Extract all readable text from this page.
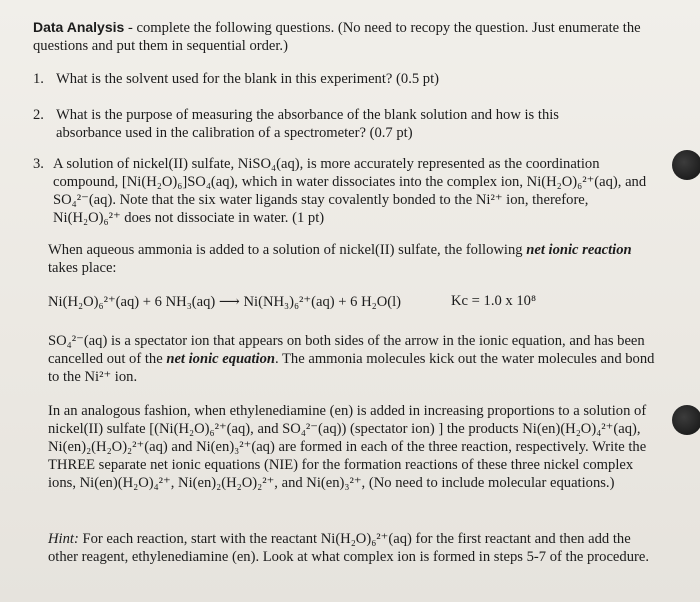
Data Analysis - complete the following questions. (No need to recopy the question. Just enumerate the questions and put them in sequential order.)
1. What is the solvent used for the blank in this experiment? (0.5 pt)
2. What is the purpose of measuring the absorbance of the blank solution and how is this absorbance used in the calibration of a spectrometer? (0.7 pt)
3. A solution of nickel(II) sulfate, NiSO₄(aq), is more accurately represented as the coordination compound, [Ni(H₂O)₆]SO₄(aq), which in water dissociates into the complex ion, Ni(H₂O)₆²⁺(aq), and SO₄²⁻(aq). Note that the six water ligands stay covalently bonded to the Ni²⁺ ion, therefore, Ni(H₂O)₆²⁺ does not dissociate in water. (1 pt)
When aqueous ammonia is added to a solution of nickel(II) sulfate, the following net ionic reaction takes place:
Ni(H₂O)₆²⁺(aq) + 6 NH₃(aq) ⟶ Ni(NH₃)₆²⁺(aq) + 6 H₂O(l)	Kc = 1.0 x 10⁸
SO₄²⁻(aq) is a spectator ion that appears on both sides of the arrow in the ionic equation, and has been cancelled out of the net ionic equation. The ammonia molecules kick out the water molecules and bond to the Ni²⁺ ion.
In an analogous fashion, when ethylenediamine (en) is added in increasing proportions to a solution of nickel(II) sulfate [(Ni(H₂O)₆²⁺(aq), and SO₄²⁻(aq)) (spectator ion) ] the products Ni(en)(H₂O)₄²⁺(aq), Ni(en)₂(H₂O)₂²⁺(aq) and Ni(en)₃²⁺(aq) are formed in each of the three reaction, respectively. Write the THREE separate net ionic equations (NIE) for the formation reactions of these three nickel complex ions, Ni(en)(H₂O)₄²⁺, Ni(en)₂(H₂O)₂²⁺, and Ni(en)₃²⁺, (No need to include molecular equations.)
Hint: For each reaction, start with the reactant Ni(H₂O)₆²⁺(aq) for the first reactant and then add the other reagent, ethylenediamine (en). Look at what complex ion is formed in steps 5-7 of the procedure.
